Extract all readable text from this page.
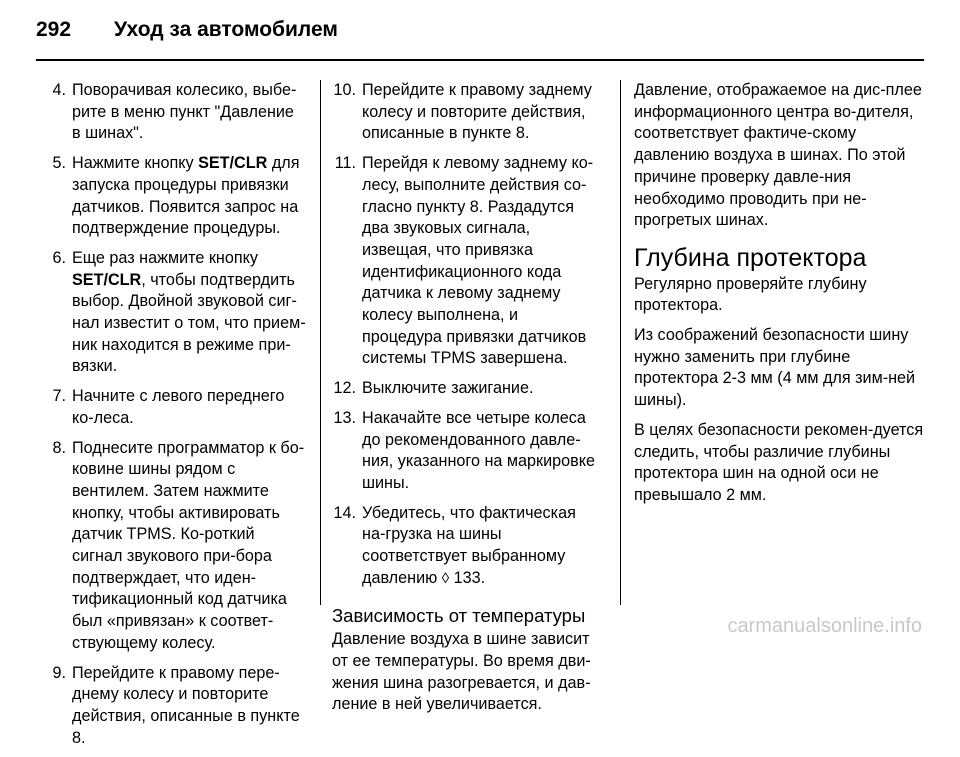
292 Уход за автомобилем
4. Поворачивая колесико, выбе-рите в меню пункт "Давление в шинах".
5. Нажмите кнопку SET/CLR для запуска процедуры привязки датчиков. Появится запрос на подтверждение процедуры.
6. Еще раз нажмите кнопку SET/CLR, чтобы подтвердить выбор. Двойной звуковой сиг-нал известит о том, что прием-ник находится в режиме при-вязки.
7. Начните с левого переднего ко-леса.
8. Поднесите программатор к бо-ковине шины рядом с вентилем. Затем нажмите кнопку, чтобы активировать датчик TPMS. Ко-роткий сигнал звукового при-бора подтверждает, что иден-тификационный код датчика был «привязан» к соответ-ствующему колесу.
9. Перейдите к правому пере-днему колесу и повторите действия, описанные в пункте 8.
10. Перейдите к правому заднему колесу и повторите действия, описанные в пункте 8.
11. Перейдя к левому заднему ко-лесу, выполните действия со-гласно пункту 8. Раздадутся два звуковых сигнала, извещая, что привязка идентификационного кода датчика к левому заднему колесу выполнена, и процедура привязки датчиков системы TPMS завершена.
12. Выключите зажигание.
13. Накачайте все четыре колеса до рекомендованного давле-ния, указанного на маркировке шины.
14. Убедитесь, что фактическая на-грузка на шины соответствует выбранному давлению ◊ 133.
Зависимость от температуры

Давление воздуха в шине зависит от ее температуры. Во время дви-жения шина разогревается, и дав-ление в ней увеличивается.

Давление, отображаемое на дис-плее информационного центра во-дителя, соответствует фактиче-скому давлению воздуха в шинах. По этой причине проверку давле-ния необходимо проводить при не-прогретых шинах.

Глубина протектора

Регулярно проверяйте глубину протектора.

Из соображений безопасности шину нужно заменить при глубине протектора 2-3 мм (4 мм для зим-ней шины).

В целях безопасности рекомен-дуется следить, чтобы различие глубины протектора шин на одной оси не превышало 2 мм.

carmanualsonline.info
